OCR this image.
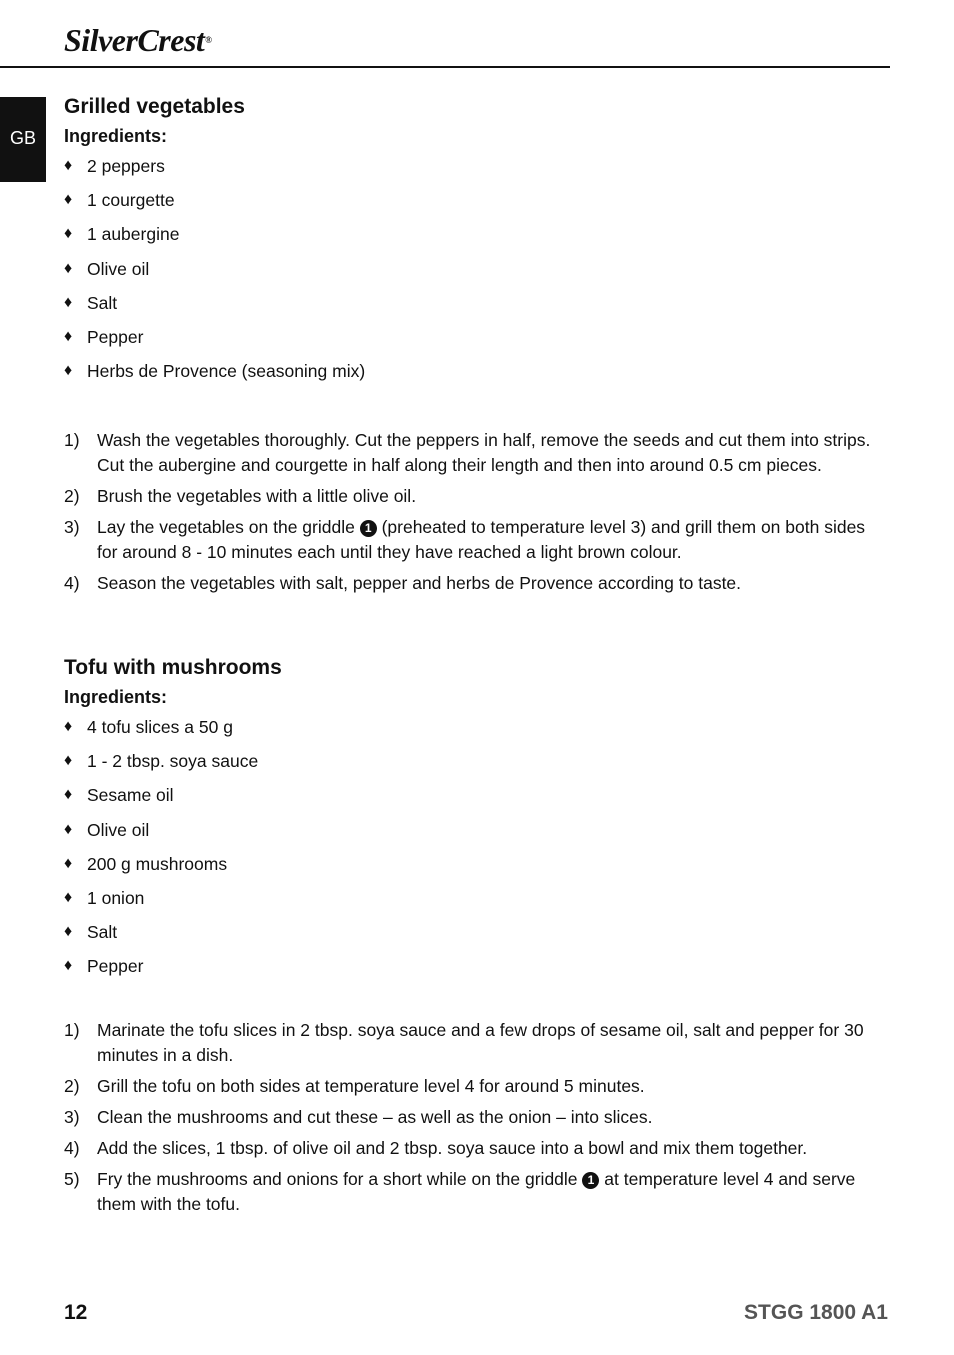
SilverCrest®
GB
Grilled vegetables
Ingredients:
♦ 2 peppers
♦ 1 courgette
♦ 1 aubergine
♦ Olive oil
♦ Salt
♦ Pepper
♦ Herbs de Provence (seasoning mix)
1) Wash the vegetables thoroughly. Cut the peppers in half, remove the seeds and cut them into strips. Cut the aubergine and courgette in half along their length and then into around 0.5 cm pieces.
2) Brush the vegetables with a little olive oil.
3) Lay the vegetables on the griddle 1 (preheated to temperature level 3) and grill them on both sides for around 8 - 10 minutes each until they have reached a light brown colour.
4) Season the vegetables with salt, pepper and herbs de Provence according to taste.
Tofu with mushrooms
Ingredients:
♦ 4 tofu slices a 50 g
♦ 1 - 2 tbsp. soya sauce
♦ Sesame oil
♦ Olive oil
♦ 200 g mushrooms
♦ 1 onion
♦ Salt
♦ Pepper
1) Marinate the tofu slices in 2 tbsp. soya sauce and a few drops of sesame oil, salt and pepper for 30 minutes in a dish.
2) Grill the tofu on both sides at temperature level 4 for around 5 minutes.
3) Clean the mushrooms and cut these – as well as the onion – into slices.
4) Add the slices, 1 tbsp. of olive oil and 2 tbsp. soya sauce into a bowl and mix them together.
5) Fry the mushrooms and onions for a short while on the griddle 1 at temperature level 4 and serve them with the tofu.
12	STGG 1800 A1
